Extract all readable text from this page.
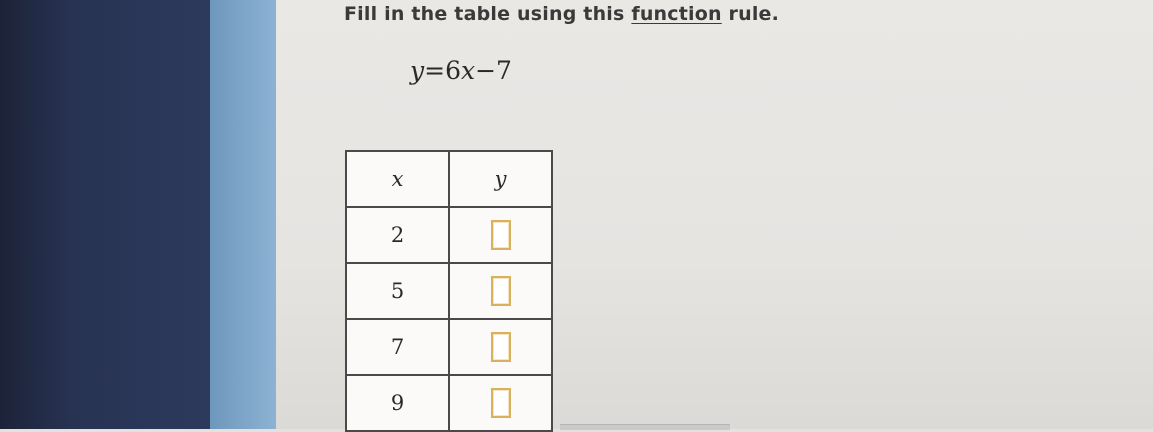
Fill in the table using this function rule.
y=6x−7
x	y
2	
5	
7	
9	
